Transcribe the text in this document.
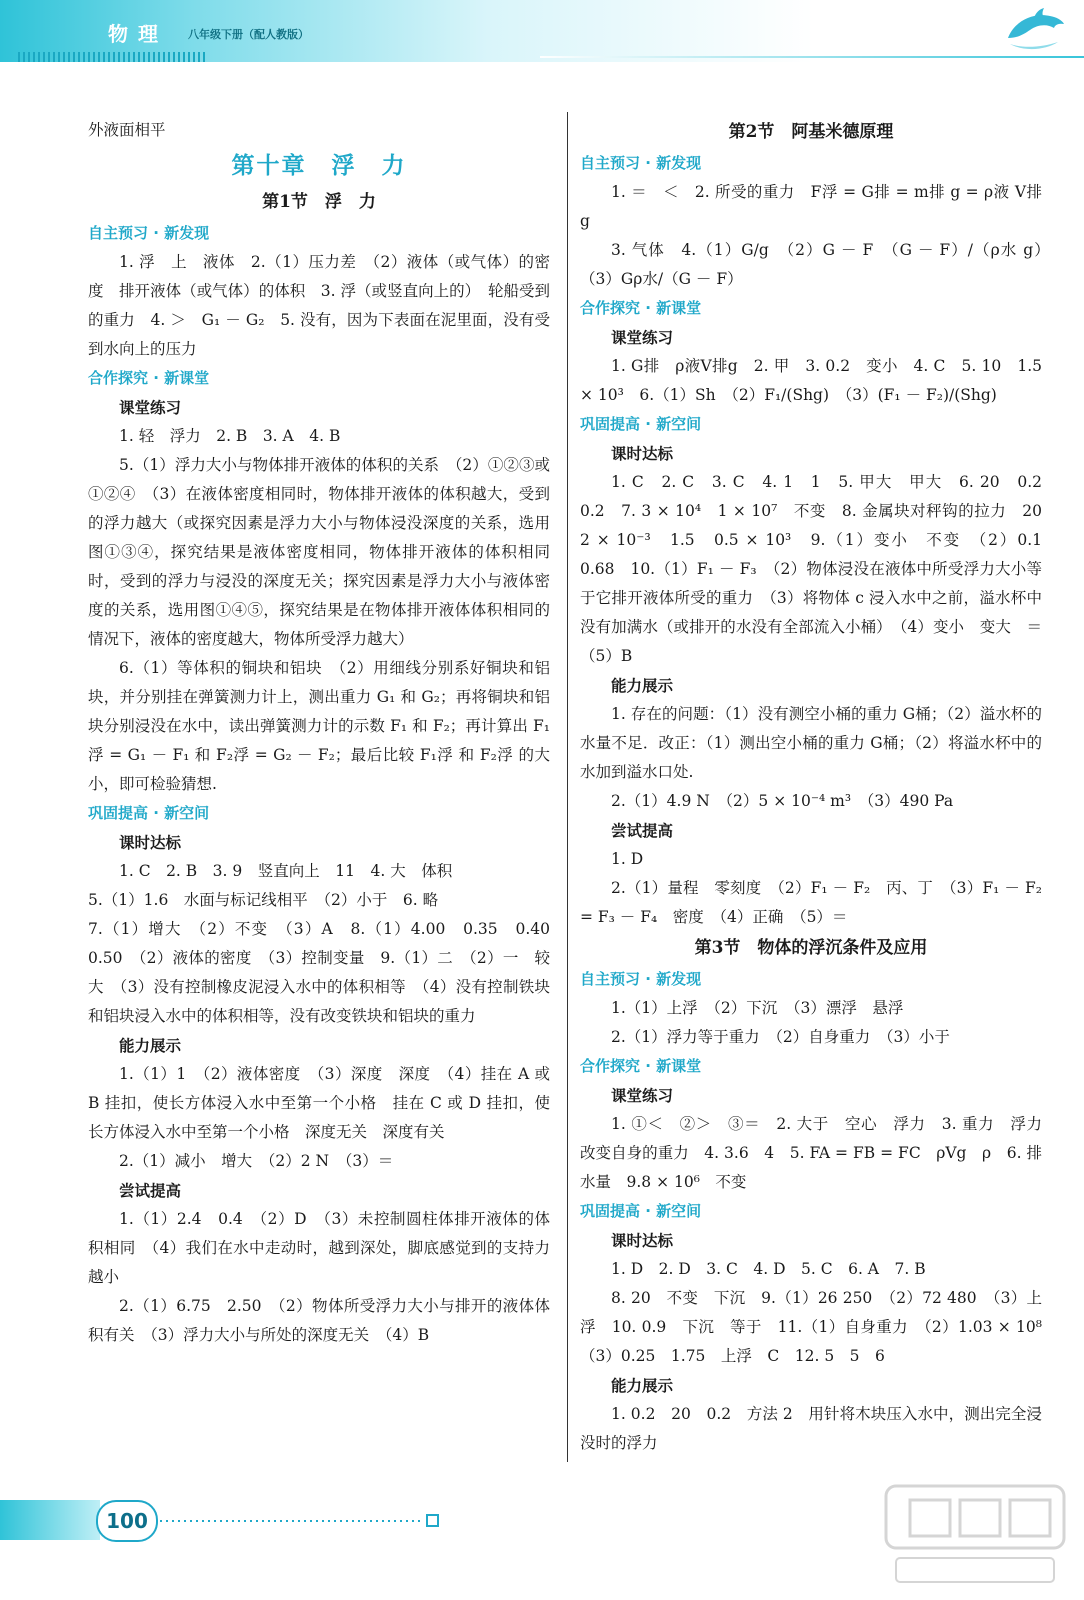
物理 八年级下册（配人教版）

外液面相平

第十章　浮　力

第1节　浮　力

自主预习 · 新发现

1. 浮　上　液体　2.（1）压力差　（2）液体（或气体）的密度　排开液体（或气体）的体积　3. 浮（或竖直向上的）　轮船受到的重力　4. ＞　G₁ － G₂　5. 没有，因为下表面在泥里面，没有受到水向上的压力

合作探究 · 新课堂

课堂练习

1. 轻　浮力　2. B　3. A　4. B

5.（1）浮力大小与物体排开液体的体积的关系　（2）①②③或①②④　（3）在液体密度相同时，物体排开液体的体积越大，受到的浮力越大（或探究因素是浮力大小与物体浸没深度的关系，选用图①③④，探究结果是液体密度相同，物体排开液体的体积相同时，受到的浮力与浸没的深度无关；探究因素是浮力大小与液体密度的关系，选用图①④⑤，探究结果是在物体排开液体体积相同的情况下，液体的密度越大，物体所受浮力越大）

6.（1）等体积的铜块和铝块　（2）用细线分别系好铜块和铝块，并分别挂在弹簧测力计上，测出重力 G₁ 和 G₂；再将铜块和铝块分别浸没在水中，读出弹簧测力计的示数 F₁ 和 F₂；再计算出 F₁浮 = G₁ － F₁ 和 F₂浮 = G₂ － F₂；最后比较 F₁浮 和 F₂浮 的大小，即可检验猜想.

巩固提高 · 新空间

课时达标

1. C　2. B　3. 9　竖直向上　11　4. 大　体积

5.（1）1.6　水面与标记线相平　（2）小于　6. 略

7.（1）增大　（2）不变　（3）A　8.（1）4.00　0.35　0.40　0.50　（2）液体的密度　（3）控制变量　9.（1）二　（2）一　较大　（3）没有控制橡皮泥浸入水中的体积相等　（4）没有控制铁块和铝块浸入水中的体积相等，没有改变铁块和铝块的重力

能力展示

1.（1）1　（2）液体密度　（3）深度　深度　（4）挂在 A 或 B 挂扣，使长方体浸入水中至第一个小格　挂在 C 或 D 挂扣，使长方体浸入水中至第一个小格　深度无关　深度有关

2.（1）减小　增大　（2）2 N　（3）＝

尝试提高

1.（1）2.4　0.4　（2）D　（3）未控制圆柱体排开液体的体积相同　（4）我们在水中走动时，越到深处，脚底感觉到的支持力越小

2.（1）6.75　2.50　（2）物体所受浮力大小与排开的液体体积有关　（3）浮力大小与所处的深度无关　（4）B

第2节　阿基米德原理

自主预习 · 新发现

1. ＝　＜　2. 所受的重力　F浮 = G排 = m排 g = ρ液 V排 g

3. 气体　4.（1）G/g　（2）G － F　（G － F）/（ρ水 g）　（3）Gρ水/（G － F）

合作探究 · 新课堂

课堂练习

1. G排　ρ液V排g　2. 甲　3. 0.2　变小　4. C　5. 10　1.5 × 10³　6.（1）Sh　（2）F₁/(Shg)　（3）(F₁ － F₂)/(Shg)

巩固提高 · 新空间

课时达标

1. C　2. C　3. C　4. 1　1　5. 甲大　甲大　6. 20　0.2　0.2　7. 3 × 10⁴　1 × 10⁷　不变　8. 金属块对秤钩的拉力　20　2 × 10⁻³　1.5　0.5 × 10³　9.（1）变小　不变　（2）0.1　0.68　10.（1）F₁ － F₃　（2）物体浸没在液体中所受浮力大小等于它排开液体所受的重力　（3）将物体 c 浸入水中之前，溢水杯中没有加满水（或排开的水没有全部流入小桶）　（4）变小　变大　＝　（5）B

能力展示

1. 存在的问题：（1）没有测空小桶的重力 G桶；（2）溢水杯的水量不足．改正：（1）测出空小桶的重力 G桶；（2）将溢水杯中的水加到溢水口处.

2.（1）4.9 N　（2）5 × 10⁻⁴ m³　（3）490 Pa

尝试提高

1. D

2.（1）量程　零刻度　（2）F₁ － F₂　丙、丁　（3）F₁ － F₂ = F₃ － F₄　密度　（4）正确　（5）＝

第3节　物体的浮沉条件及应用

自主预习 · 新发现

1.（1）上浮　（2）下沉　（3）漂浮　悬浮

2.（1）浮力等于重力　（2）自身重力　（3）小于

合作探究 · 新课堂

课堂练习

1. ①＜　②＞　③＝　2. 大于　空心　浮力　3. 重力　浮力　改变自身的重力　4. 3.6　4　5. FA = FB = FC　ρVg　ρ　6. 排水量　9.8 × 10⁶　不变

巩固提高 · 新空间

课时达标

1. D　2. D　3. C　4. D　5. C　6. A　7. B

8. 20　不变　下沉　9.（1）26 250　（2）72 480　（3）上浮　10. 0.9　下沉　等于　11.（1）自身重力　（2）1.03 × 10⁸　（3）0.25　1.75　上浮　C　12. 5　5　6

能力展示

1. 0.2　20　0.2　方法 2　用针将木块压入水中，测出完全浸没时的浮力

100
